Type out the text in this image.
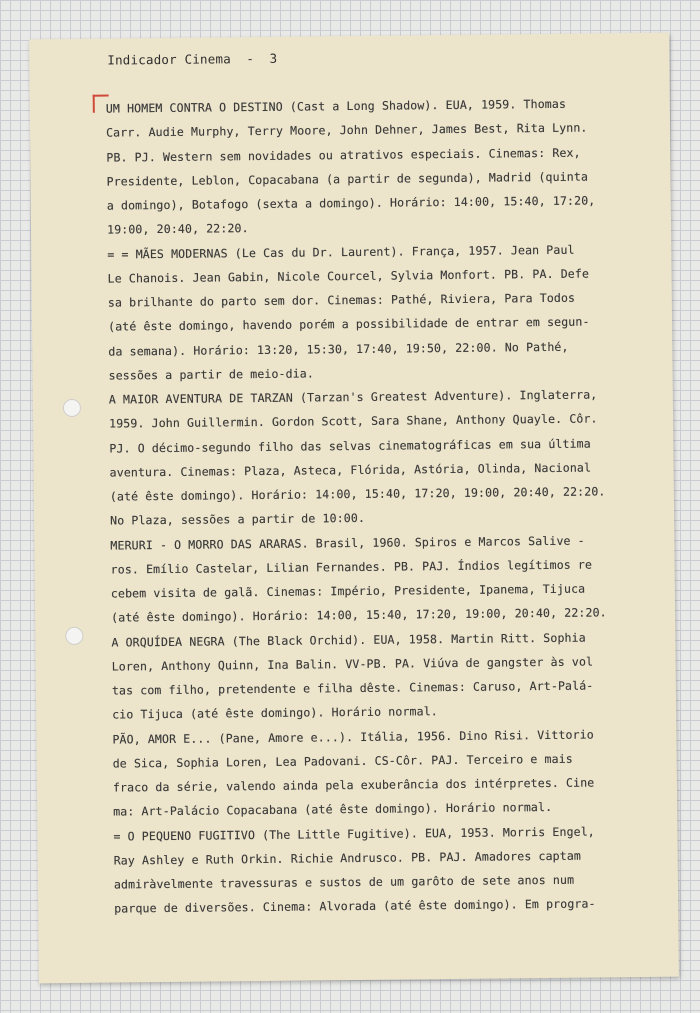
Indicador Cinema  -  3
UM HOMEM CONTRA O DESTINO (Cast a Long Shadow). EUA, 1959. Thomas
Carr. Audie Murphy, Terry Moore, John Dehner, James Best, Rita Lynn.
PB. PJ. Western sem novidades ou atrativos especiais. Cinemas: Rex,
Presidente, Leblon, Copacabana (a partir de segunda), Madrid (quinta
a domingo), Botafogo (sexta a domingo). Horário: 14:00, 15:40, 17:20,
19:00, 20:40, 22:20.
= = MÃES MODERNAS (Le Cas du Dr. Laurent). França, 1957. Jean Paul
Le Chanois. Jean Gabin, Nicole Courcel, Sylvia Monfort. PB. PA. Defe
sa brilhante do parto sem dor. Cinemas: Pathé, Riviera, Para Todos
(até êste domingo, havendo porém a possibilidade de entrar em segun-
da semana). Horário: 13:20, 15:30, 17:40, 19:50, 22:00. No Pathé,
sessões a partir de meio-dia.
A MAIOR AVENTURA DE TARZAN (Tarzan's Greatest Adventure). Inglaterra,
1959. John Guillermin. Gordon Scott, Sara Shane, Anthony Quayle. Côr.
PJ. O décimo-segundo filho das selvas cinematográficas em sua última
aventura. Cinemas: Plaza, Asteca, Flórida, Astória, Olinda, Nacional
(até êste domingo). Horário: 14:00, 15:40, 17:20, 19:00, 20:40, 22:20.
No Plaza, sessões a partir de 10:00.
MERURI - O MORRO DAS ARARAS. Brasil, 1960. Spiros e Marcos Salive -
ros. Emílio Castelar, Lilian Fernandes. PB. PAJ. Índios legítimos re
cebem visita de galã. Cinemas: Império, Presidente, Ipanema, Tijuca
(até êste domingo). Horário: 14:00, 15:40, 17:20, 19:00, 20:40, 22:20.
A ORQUÍDEA NEGRA (The Black Orchid). EUA, 1958. Martin Ritt. Sophia
Loren, Anthony Quinn, Ina Balin. VV-PB. PA. Viúva de gangster às vol
tas com filho, pretendente e filha dêste. Cinemas: Caruso, Art-Palá-
cio Tijuca (até êste domingo). Horário normal.
PÃO, AMOR E... (Pane, Amore e...). Itália, 1956. Dino Risi. Vittorio
de Sica, Sophia Loren, Lea Padovani. CS-Côr. PAJ. Terceiro e mais
fraco da série, valendo ainda pela exuberância dos intérpretes. Cine
ma: Art-Palácio Copacabana (até êste domingo). Horário normal.
= O PEQUENO FUGITIVO (The Little Fugitive). EUA, 1953. Morris Engel,
Ray Ashley e Ruth Orkin. Richie Andrusco. PB. PAJ. Amadores captam
admiràvelmente travessuras e sustos de um garôto de sete anos num
parque de diversões. Cinema: Alvorada (até êste domingo). Em progra-
